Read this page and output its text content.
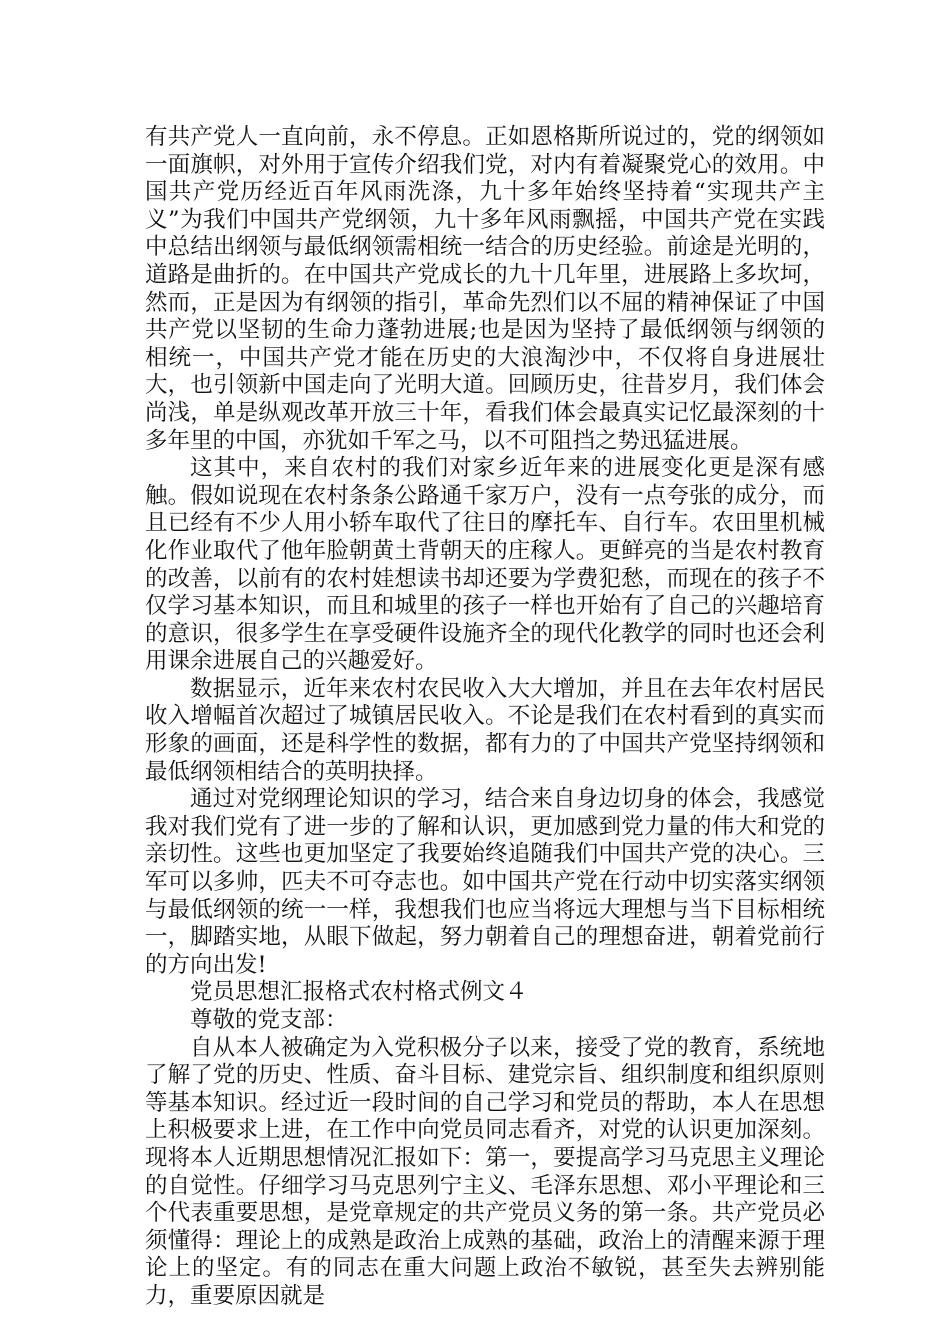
有共产党人一直向前，永不停息。正如恩格斯所说过的，党的纲领如一面旗帜，对外用于宣传介绍我们党，对内有着凝聚党心的效用。中国共产党历经近百年风雨洗涤，九十多年始终坚持着“实现共产主义”为我们中国共产党纲领，九十多年风雨飘摇，中国共产党在实践中总结出纲领与最低纲领需相统一结合的历史经验。前途是光明的，道路是曲折的。在中国共产党成长的九十几年里，进展路上多坎坷，然而，正是因为有纲领的指引，革命先烈们以不屈的精神保证了中国共产党以坚韧的生命力蓬勃进展;也是因为坚持了最低纲领与纲领的相统一，中国共产党才能在历史的大浪淘沙中，不仅将自身进展壮大，也引领新中国走向了光明大道。回顾历史，往昔岁月，我们体会尚浅，单是纵观改革开放三十年，看我们体会最真实记忆最深刻的十多年里的中国，亦犹如千军之马，以不可阻挡之势迅猛进展。

这其中，来自农村的我们对家乡近年来的进展变化更是深有感触。假如说现在农村条条公路通千家万户，没有一点夸张的成分，而且已经有不少人用小轿车取代了往日的摩托车、自行车。农田里机械化作业取代了他年脸朝黄土背朝天的庄稼人。更鲜亮的当是农村教育的改善，以前有的农村娃想读书却还要为学费犯愁，而现在的孩子不仅学习基本知识，而且和城里的孩子一样也开始有了自己的兴趣培育的意识，很多学生在享受硬件设施齐全的现代化教学的同时也还会利用课余进展自己的兴趣爱好。

数据显示，近年来农村农民收入大大增加，并且在去年农村居民收入增幅首次超过了城镇居民收入。不论是我们在农村看到的真实而形象的画面，还是科学性的数据，都有力的了中国共产党坚持纲领和最低纲领相结合的英明抉择。

通过对党纲理论知识的学习，结合来自身边切身的体会，我感觉我对我们党有了进一步的了解和认识，更加感到党力量的伟大和党的亲切性。这些也更加坚定了我要始终追随我们中国共产党的决心。三军可以多帅，匹夫不可夺志也。如中国共产党在行动中切实落实纲领与最低纲领的统一一样，我想我们也应当将远大理想与当下目标相统一，脚踏实地，从眼下做起，努力朝着自己的理想奋进，朝着党前行的方向出发!

党员思想汇报格式农村格式例文４

尊敬的党支部：

自从本人被确定为入党积极分子以来，接受了党的教育，系统地了解了党的历史、性质、奋斗目标、建党宗旨、组织制度和组织原则等基本知识。经过近一段时间的自己学习和党员的帮助，本人在思想上积极要求上进，在工作中向党员同志看齐，对党的认识更加深刻。现将本人近期思想情况汇报如下：第一，要提高学习马克思主义理论的自觉性。仔细学习马克思列宁主义、毛泽东思想、邓小平理论和三个代表重要思想，是党章规定的共产党员义务的第一条。共产党员必须懂得：理论上的成熟是政治上成熟的基础，政治上的清醒来源于理论上的坚定。有的同志在重大问题上政治不敏锐，甚至失去辨别能力，重要原因就是
